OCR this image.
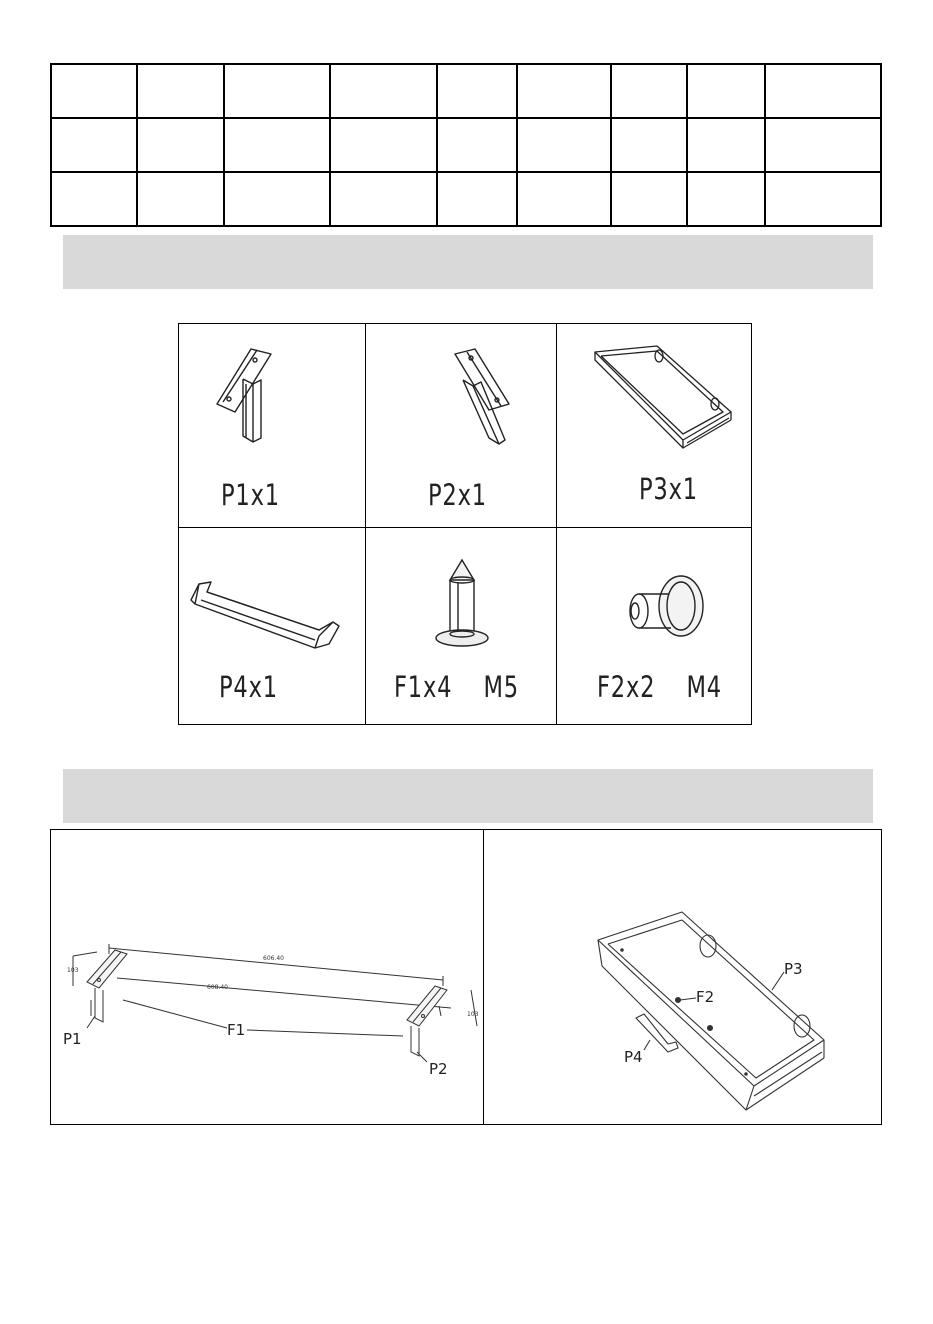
P1x1	P2x1	P3x1
P4x1	F1x4 M5	F2x2 M4
606.40
608.40
103
103
P1	F1
P2
F2
P3
P4
